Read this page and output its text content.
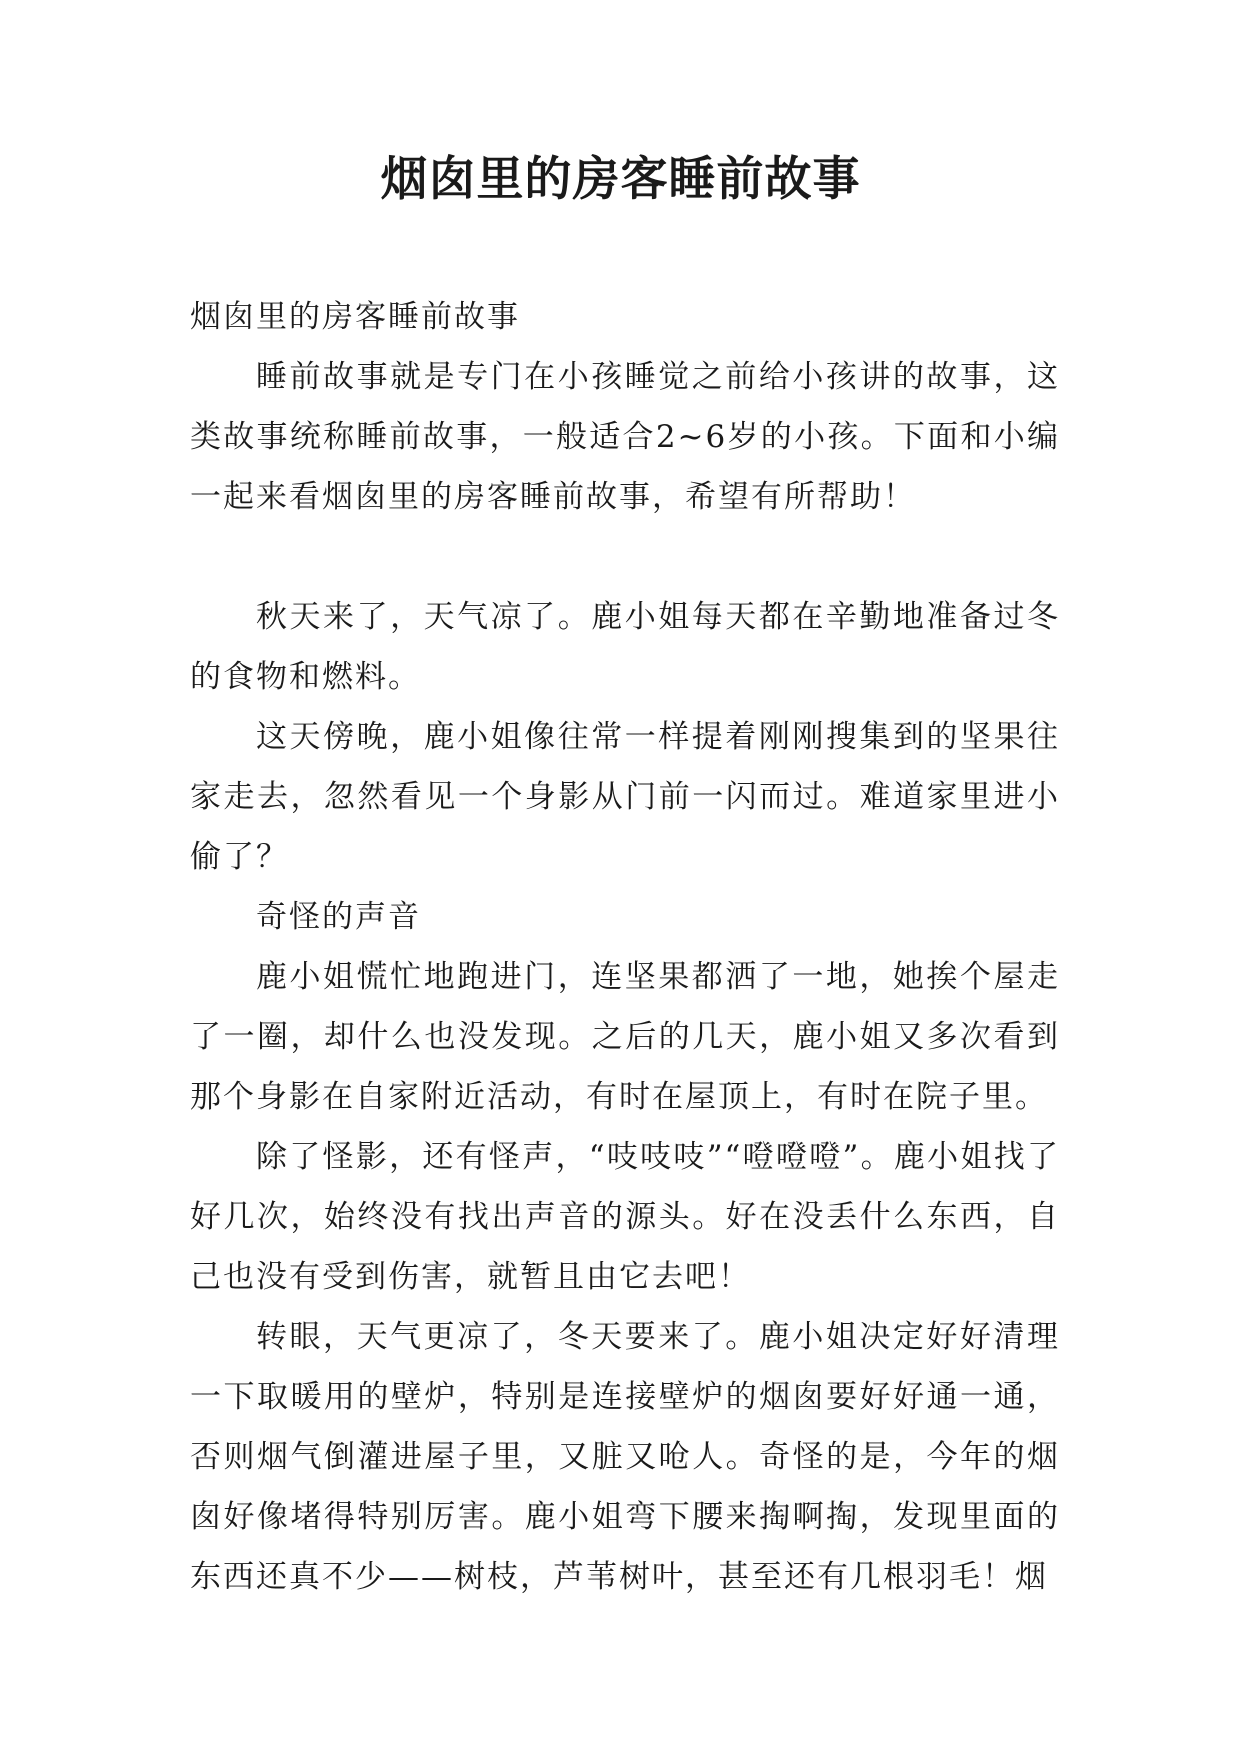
烟囱里的房客睡前故事

烟囱里的房客睡前故事

睡前故事就是专门在小孩睡觉之前给小孩讲的故事，这类故事统称睡前故事，一般适合2~6岁的小孩。下面和小编一起来看烟囱里的房客睡前故事，希望有所帮助！

秋天来了，天气凉了。鹿小姐每天都在辛勤地准备过冬的食物和燃料。

这天傍晚，鹿小姐像往常一样提着刚刚搜集到的坚果往家走去，忽然看见一个身影从门前一闪而过。难道家里进小偷了？

奇怪的声音

鹿小姐慌忙地跑进门，连坚果都洒了一地，她挨个屋走了一圈，却什么也没发现。之后的几天，鹿小姐又多次看到那个身影在自家附近活动，有时在屋顶上，有时在院子里。

除了怪影，还有怪声，“吱吱吱”“噔噔噔”。鹿小姐找了好几次，始终没有找出声音的源头。好在没丢什么东西，自己也没有受到伤害，就暂且由它去吧！

转眼，天气更凉了，冬天要来了。鹿小姐决定好好清理一下取暖用的壁炉，特别是连接壁炉的烟囱要好好通一通，否则烟气倒灌进屋子里，又脏又呛人。奇怪的是，今年的烟囱好像堵得特别厉害。鹿小姐弯下腰来掏啊掏，发现里面的东西还真不少——树枝，芦苇树叶，甚至还有几根羽毛！烟
